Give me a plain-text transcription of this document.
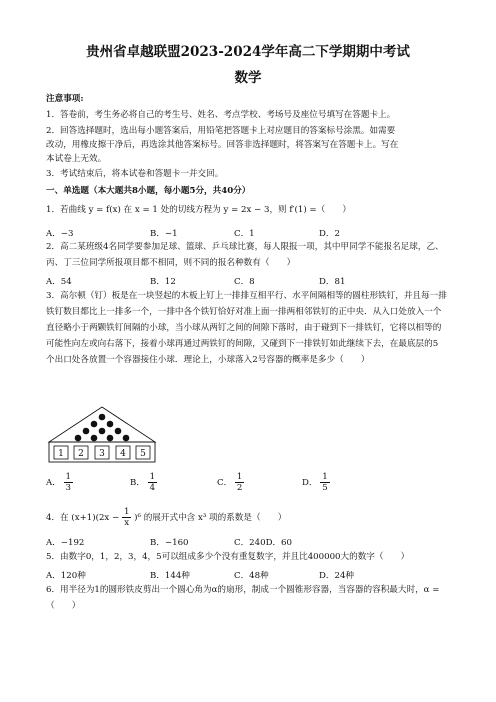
贵州省卓越联盟2023-2024学年高二下学期期中考试
数学
注意事项:
1．答卷前，考生务必将自己的考生号、姓名、考点学校、考场号及座位号填写在答题卡上。
2．回答选择题时，选出每小题答案后，用铅笔把答题卡上对应题目的答案标号涂黑。如需要
改动，用橡皮擦干净后，再选涂其他答案标号。回答非选择题时，将答案写在答题卡上。写在
本试卷上无效。
3．考试结束后，将本试卷和答题卡一并交回。
一、单选题（本大题共8小题，每小题5分，共40分）
1．若曲线 y = f(x) 在 x = 1 处的切线方程为 y = 2x − 3，则 f′(1) =（　　）
A．−3	B．−1	C．1	D．2
2．高二某班级4名同学要参加足球、篮球、乒乓球比赛，每人限报一项，其中甲同学不能报名足球，乙、
丙、丁三位同学所报项目都不相同，则不同的报名种数有（　　）
A．54	B．12	C．8	D．81
3．高尔顿（钉）板是在一块竖起的木板上钉上一排排互相平行、水平间隔相等的圆柱形铁钉，并且每一排
铁钉数目都比上一排多一个，一排中各个铁钉恰好对准上面一排两相邻铁钉的正中央．从入口处放入一个
直径略小于两颗铁钉间隔的小球，当小球从两钉之间的间隙下落时，由于碰到下一排铁钉，它将以相等的
可能性向左或向右落下，接着小球再通过两铁钉的间隙，又碰到下一排铁钉如此继续下去，在最底层的5
个出口处各放置一个容器接住小球．理论上，小球落入2号容器的概率是多少（　　）
1 2 3 4 5
A． $\frac{1}{3}$	B． $\frac{1}{4}$	C． $\frac{1}{2}$	D． $\frac{1}{5}$
4．在 $(x+1)(2x - \frac{1}{x} )^6$ 的展开式中含 x³ 项的系数是（　　）
A．−192	B．−160	C．240D．60
5．由数字0，1，2，3，4，5可以组成多少个没有重复数字，并且比400000大的数字（　　）
A．120种	B．144种	C．48种	D．24种
6．用半径为1的圆形铁皮剪出一个圆心角为α的扇形，制成一个圆锥形容器，当容器的容积最大时，α =
（　　）
